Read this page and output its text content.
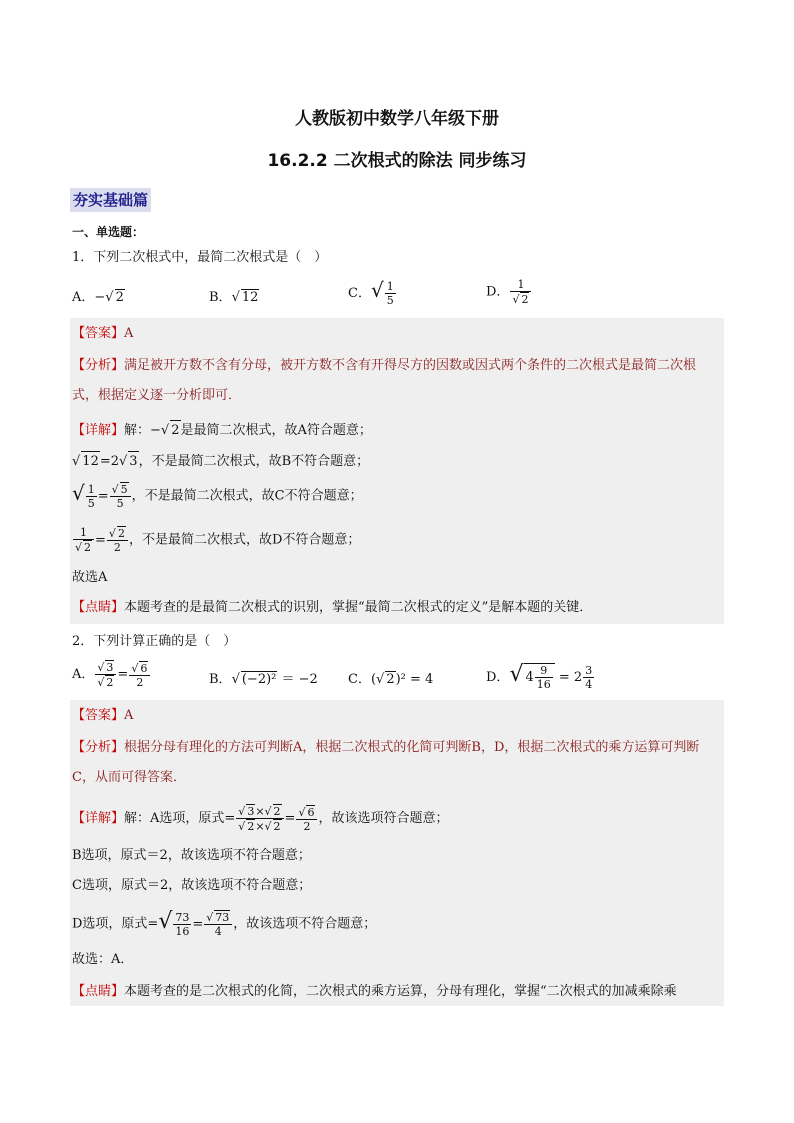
人教版初中数学八年级下册
16.2.2 二次根式的除法 同步练习
夯实基础篇
一、单选题：
1．下列二次根式中，最简二次根式是（　）
A．−√ 2	B．√ 12	C．√ $\frac{1}{5}$	D． $\frac{1}{√ 2}$
【答案】A
【分析】满足被开方数不含有分母，被开方数不含有开得尽方的因数或因式两个条件的二次根式是最简二次根式，根据定义逐一分析即可．
【详解】解：−√ 2是最简二次根式，故A符合题意；
√ 12=2√ 3，不是最简二次根式，故B不符合题意；
√ $\frac{1}{5} = \frac{√ 5}{5}$ ，不是最简二次根式，故C不符合题意；
$\frac{1}{√ 2} = \frac{√ 2}{2}$ ，不是最简二次根式，故D不符合题意；
故选A
【点睛】本题考查的是最简二次根式的识别，掌握“最简二次根式的定义”是解本题的关键．
2．下列计算正确的是（　）
A． $\frac{√ 3}{√ 2} = \frac{√ 6}{2}$	B．√ (−2)² ＝ −2 C．(√ 2)² = 4	D．√ $4 \frac{9}{16} = 2 \frac{3}{4}$
【答案】A
【分析】根据分母有理化的方法可判断A，根据二次根式的化简可判断B，D，根据二次根式的乘方运算可判断C，从而可得答案．
【详解】解：A选项，原式= $\frac{√ 3\times√ 2}{√ 2\times√ 2} = \frac{√ 6}{2}$ ，故该选项符合题意；
B选项，原式＝2，故该选项不符合题意；
C选项，原式＝2，故该选项不符合题意；
D选项，原式=√ $\frac{73}{16} = \frac{√ 73}{4}$ ，故该选项不符合题意；
故选：A．
【点睛】本题考查的是二次根式的化简，二次根式的乘方运算，分母有理化，掌握“二次根式的加减乘除乘
